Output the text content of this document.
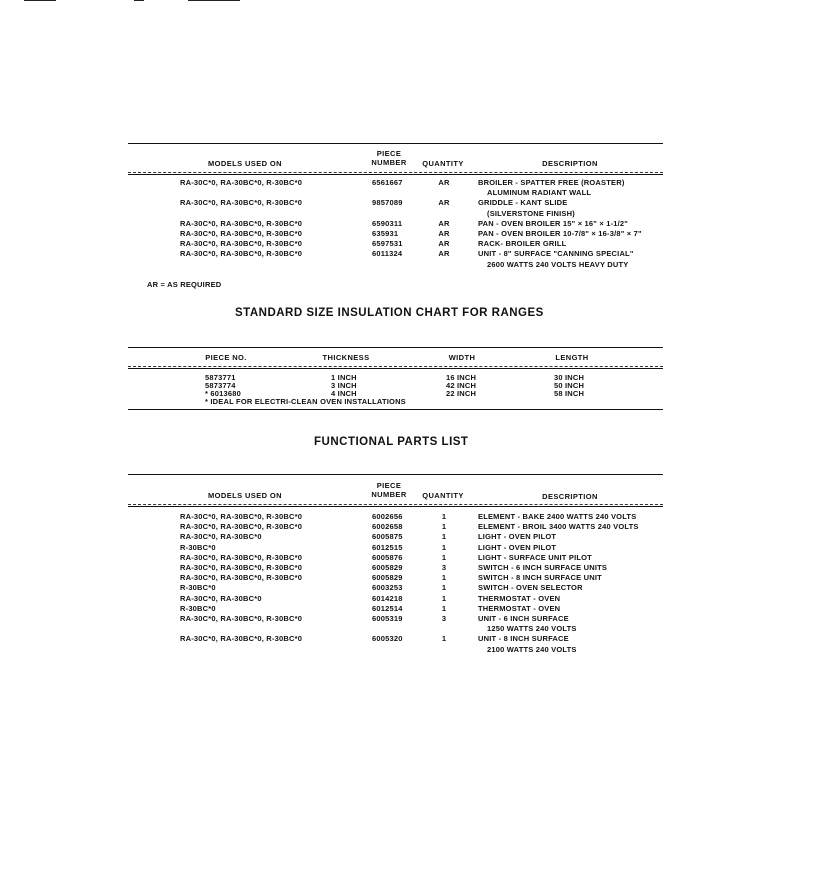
MODELS USED ON
PIECE NUMBER	QUANTITY	DESCRIPTION
RA-30C*0, RA-30BC*0, R-30BC*0	6561667	AR	BROILER - SPATTER FREE (ROASTER)
ALUMINUM RADIANT WALL
RA-30C*0, RA-30BC*0, R-30BC*0	9857089	AR	GRIDDLE - KANT SLIDE
(SILVERSTONE FINISH)
RA-30C*0, RA-30BC*0, R-30BC*0	6590311	AR	PAN - OVEN BROILER 15" × 16" × 1-1/2"
RA-30C*0, RA-30BC*0, R-30BC*0	635931	AR	PAN - OVEN BROILER 10-7/8" × 16-3/8" × 7"
RA-30C*0, RA-30BC*0, R-30BC*0	6597531	AR	RACK- BROILER GRILL
RA-30C*0, RA-30BC*0, R-30BC*0	6011324	AR	UNIT - 8" SURFACE "CANNING SPECIAL"
2600 WATTS 240 VOLTS HEAVY DUTY
AR = AS REQUIRED
STANDARD SIZE INSULATION CHART FOR RANGES
PIECE NO.	THICKNESS	WIDTH	LENGTH
5873771	1 INCH	16 INCH	30 INCH
5873774	3 INCH	42 INCH	50 INCH
* 6013680	4 INCH	22 INCH	58 INCH
* IDEAL FOR ELECTRI-CLEAN OVEN INSTALLATIONS
FUNCTIONAL PARTS LIST
MODELS USED ON
PIECE NUMBER	QUANTITY	DESCRIPTION
RA-30C*0, RA-30BC*0, R-30BC*0	6002656	1	ELEMENT - BAKE 2400 WATTS 240 VOLTS
RA-30C*0, RA-30BC*0, R-30BC*0	6002658	1	ELEMENT - BROIL 3400 WATTS 240 VOLTS
RA-30C*0, RA-30BC*0	6005875	1	LIGHT - OVEN PILOT
R-30BC*0	6012515	1	LIGHT - OVEN PILOT
RA-30C*0, RA-30BC*0, R-30BC*0	6005876	1	LIGHT - SURFACE UNIT PILOT
RA-30C*0, RA-30BC*0, R-30BC*0	6005829	3	SWITCH - 6 INCH SURFACE UNITS
RA-30C*0, RA-30BC*0, R-30BC*0	6005829	1	SWITCH - 8 INCH SURFACE UNIT
R-30BC*0	6003253	1	SWITCH - OVEN SELECTOR
RA-30C*0, RA-30BC*0	6014218	1	THERMOSTAT - OVEN
R-30BC*0	6012514	1	THERMOSTAT - OVEN
RA-30C*0, RA-30BC*0, R-30BC*0	6005319	3	UNIT - 6 INCH SURFACE
1250 WATTS 240 VOLTS
RA-30C*0, RA-30BC*0, R-30BC*0	6005320	1	UNIT - 8 INCH SURFACE
2100 WATTS 240 VOLTS
